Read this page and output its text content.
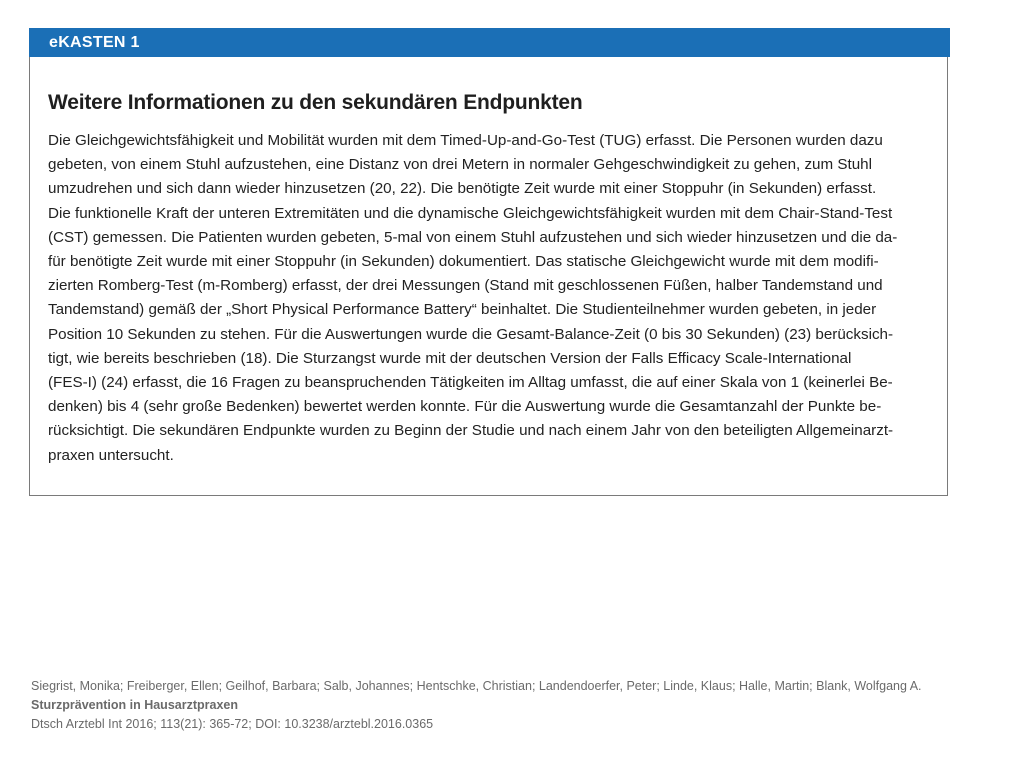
eKASTEN 1
Weitere Informationen zu den sekundären Endpunkten

Die Gleichgewichtsfähigkeit und Mobilität wurden mit dem Timed-Up-and-Go-Test (TUG) erfasst. Die Personen wurden dazu
gebeten, von einem Stuhl aufzustehen, eine Distanz von drei Metern in normaler Gehgeschwindigkeit zu gehen, zum Stuhl
umzudrehen und sich dann wieder hinzusetzen (20, 22). Die benötigte Zeit wurde mit einer Stoppuhr (in Sekunden) erfasst.
Die funktionelle Kraft der unteren Extremitäten und die dynamische Gleichgewichtsfähigkeit wurden mit dem Chair-Stand-Test
(CST) gemessen. Die Patienten wurden gebeten, 5-mal von einem Stuhl aufzustehen und sich wieder hinzusetzen und die da-
für benötigte Zeit wurde mit einer Stoppuhr (in Sekunden) dokumentiert. Das statische Gleichgewicht wurde mit dem modifi-
zierten Romberg-Test (m-Romberg) erfasst, der drei Messungen (Stand mit geschlossenen Füßen, halber Tandemstand und
Tandemstand) gemäß der „Short Physical Performance Battery“ beinhaltet. Die Studienteilnehmer wurden gebeten, in jeder
Position 10 Sekunden zu stehen. Für die Auswertungen wurde die Gesamt-Balance-Zeit (0 bis 30 Sekunden) (23) berücksich-
tigt, wie bereits beschrieben (18). Die Sturzangst wurde mit der deutschen Version der Falls Efficacy Scale-International
(FES-I) (24) erfasst, die 16 Fragen zu beanspruchenden Tätigkeiten im Alltag umfasst, die auf einer Skala von 1 (keinerlei Be-
denken) bis 4 (sehr große Bedenken) bewertet werden konnte. Für die Auswertung wurde die Gesamtanzahl der Punkte be-
rücksichtigt. Die sekundären Endpunkte wurden zu Beginn der Studie und nach einem Jahr von den beteiligten Allgemeinarzt-
praxen untersucht.

Siegrist, Monika; Freiberger, Ellen; Geilhof, Barbara; Salb, Johannes; Hentschke, Christian; Landendoerfer, Peter; Linde, Klaus; Halle, Martin; Blank, Wolfgang A.
Sturzprävention in Hausarztpraxen
Dtsch Arztebl Int 2016; 113(21): 365-72; DOI: 10.3238/arztebl.2016.0365
